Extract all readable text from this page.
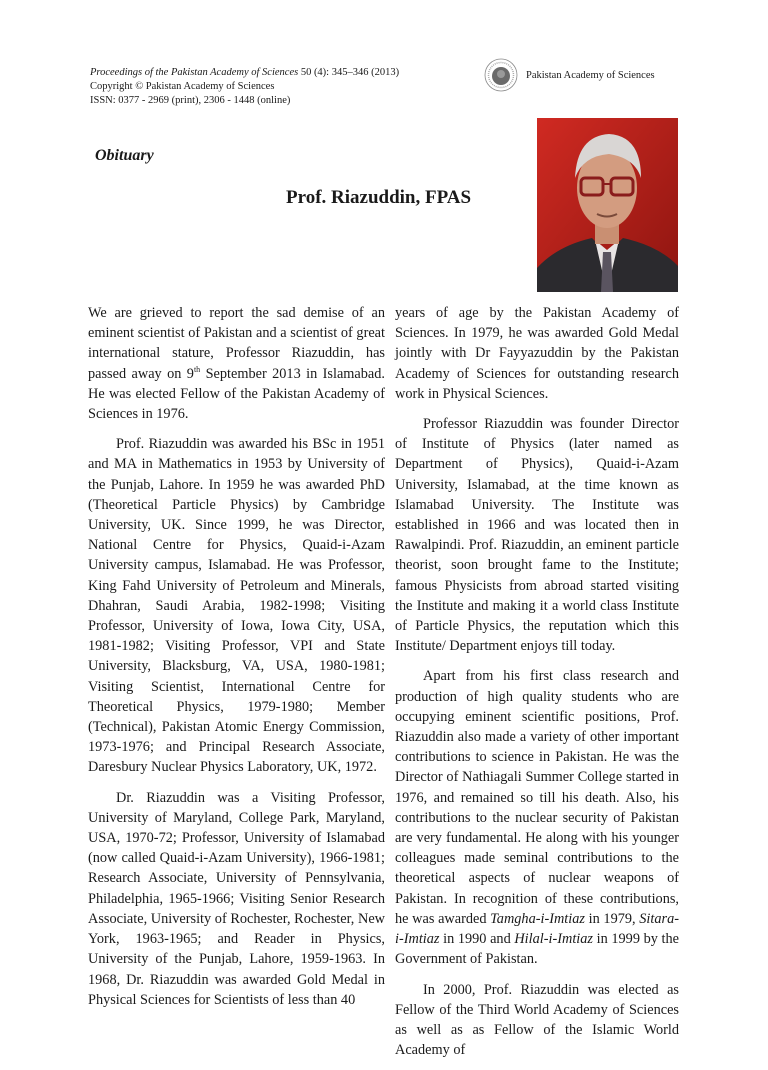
Proceedings of the Pakistan Academy of Sciences 50 (4): 345–346 (2013)
Copyright © Pakistan Academy of Sciences
ISSN: 0377 - 2969 (print), 2306 - 1448 (online)
Pakistan Academy of Sciences
Obituary
Prof. Riazuddin, FPAS

We are grieved to report the sad demise of an eminent scientist of Pakistan and a scientist of great international stature, Professor Riazuddin, has passed away on 9th September 2013 in Islamabad. He was elected Fellow of the Pakistan Academy of Sciences in 1976.

Prof. Riazuddin was awarded his BSc in 1951 and MA in Mathematics in 1953 by University of the Punjab, Lahore. In 1959 he was awarded PhD (Theoretical Particle Physics) by Cambridge University, UK. Since 1999, he was Director, National Centre for Physics, Quaid-i-Azam University campus, Islamabad. He was Professor, King Fahd University of Petroleum and Minerals, Dhahran, Saudi Arabia, 1982-1998; Visiting Professor, University of Iowa, Iowa City, USA, 1981-1982; Visiting Professor, VPI and State University, Blacksburg, VA, USA, 1980-1981; Visiting Scientist, International Centre for Theoretical Physics, 1979-1980; Member (Technical), Pakistan Atomic Energy Commission, 1973-1976; and Principal Research Associate, Daresbury Nuclear Physics Laboratory, UK, 1972.

Dr. Riazuddin was a Visiting Professor, University of Maryland, College Park, Maryland, USA, 1970-72; Professor, University of Islamabad (now called Quaid-i-Azam University), 1966-1981; Research Associate, University of Pennsylvania, Philadelphia, 1965-1966; Visiting Senior Research Associate, University of Rochester, Rochester, New York, 1963-1965; and Reader in Physics, University of the Punjab, Lahore, 1959-1963. In 1968, Dr. Riazuddin was awarded Gold Medal in Physical Sciences for Scientists of less than 40

years of age by the Pakistan Academy of Sciences. In 1979, he was awarded Gold Medal jointly with Dr Fayyazuddin by the Pakistan Academy of Sciences for outstanding research work in Physical Sciences.

Professor Riazuddin was founder Director of Institute of Physics (later named as Department of Physics), Quaid-i-Azam University, Islamabad, at the time known as Islamabad University. The Institute was established in 1966 and was located then in Rawalpindi. Prof. Riazuddin, an eminent particle theorist, soon brought fame to the Institute; famous Physicists from abroad started visiting the Institute and making it a world class Institute of Particle Physics, the reputation which this Institute/ Department enjoys till today.

Apart from his first class research and production of high quality students who are occupying eminent scientific positions, Prof. Riazuddin also made a variety of other important contributions to science in Pakistan. He was the Director of Nathiagali Summer College started in 1976, and remained so till his death. Also, his contributions to the nuclear security of Pakistan are very fundamental. He along with his younger colleagues made seminal contributions to the theoretical aspects of nuclear weapons of Pakistan. In recognition of these contributions, he was awarded Tamgha-i-Imtiaz in 1979, Sitara-i-Imtiaz in 1990 and Hilal-i-Imtiaz in 1999 by the Government of Pakistan.

In 2000, Prof. Riazuddin was elected as Fellow of the Third World Academy of Sciences as well as as Fellow of the Islamic World Academy of
